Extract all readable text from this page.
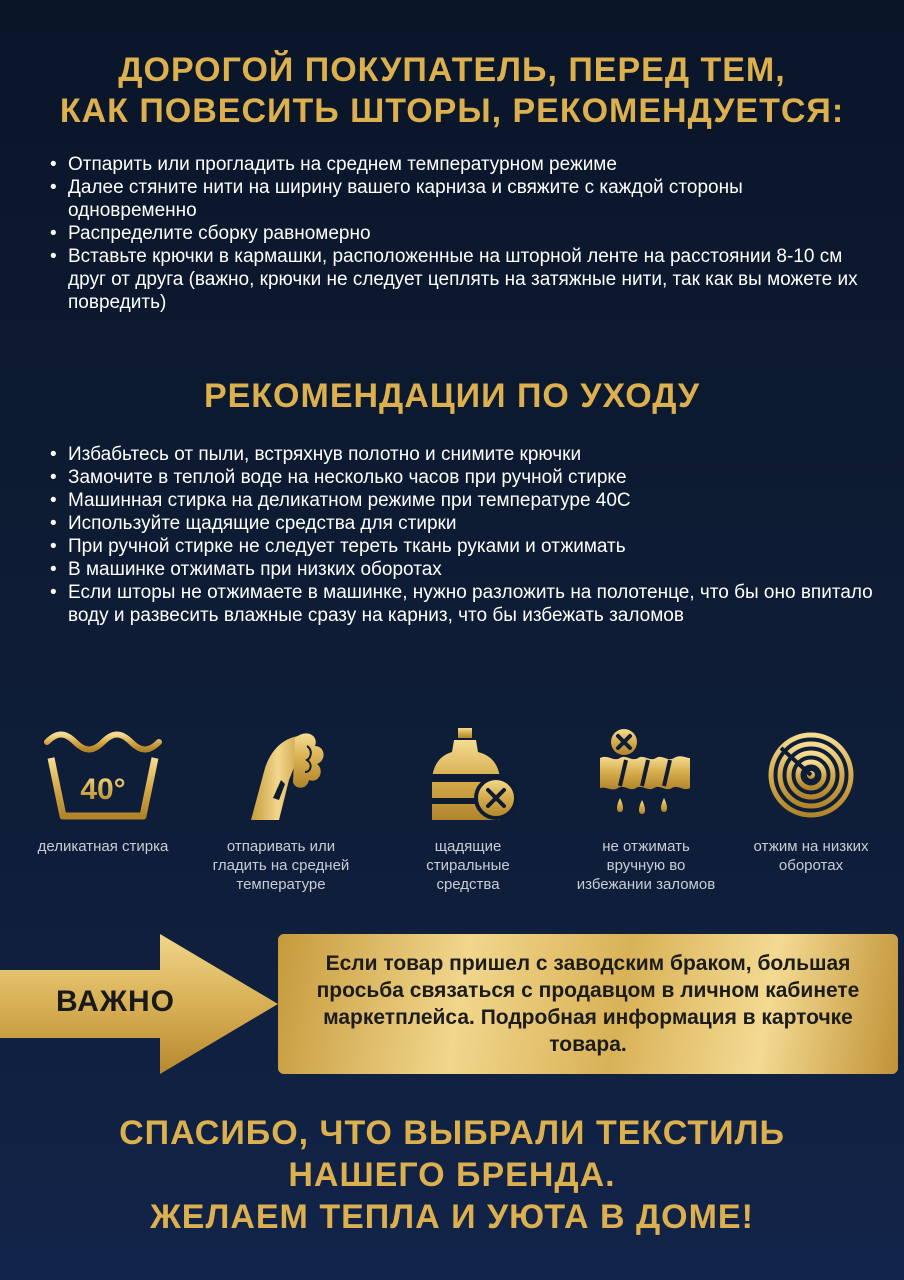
ДОРОГОЙ ПОКУПАТЕЛЬ, ПЕРЕД ТЕМ,
КАК ПОВЕСИТЬ ШТОРЫ, РЕКОМЕНДУЕТСЯ:
• Отпарить или прогладить на среднем температурном режиме
• Далее стяните нити на ширину вашего карниза и свяжите с каждой стороны одновременно
• Распределите сборку равномерно
• Вставьте крючки в кармашки, расположенные на шторной ленте на расстоянии 8-10 см друг от друга (важно, крючки не следует цеплять на затяжные нити, так как вы можете их повредить)
РЕКОМЕНДАЦИИ ПО УХОДУ
• Избабьтесь от пыли, встряхнув полотно и снимите крючки
• Замочите в теплой воде на несколько часов при ручной стирке
• Машинная стирка на деликатном режиме при температуре 40С
• Используйте щадящие средства для стирки
• При ручной стирке не следует тереть ткань руками и отжимать
• В машинке отжимать при низких оборотах
• Если шторы не отжимаете в машинке, нужно разложить на полотенце, что бы оно впитало воду и развесить влажные сразу на карниз, что бы избежать заломов
40°
деликатная стирка	отпаривать или гладить на средней температуре
щадящие стиральные средства
не отжимать вручную во избежании заломов
отжим на низких оборотах
ВАЖНО

Если товар пришел с заводским браком, большая просьба связаться с продавцом в личном кабинете маркетплейса. Подробная информация в карточке товара.

СПАСИБО, ЧТО ВЫБРАЛИ ТЕКСТИЛЬ НАШЕГО БРЕНДА.
ЖЕЛАЕМ ТЕПЛА И УЮТА В ДОМЕ!
